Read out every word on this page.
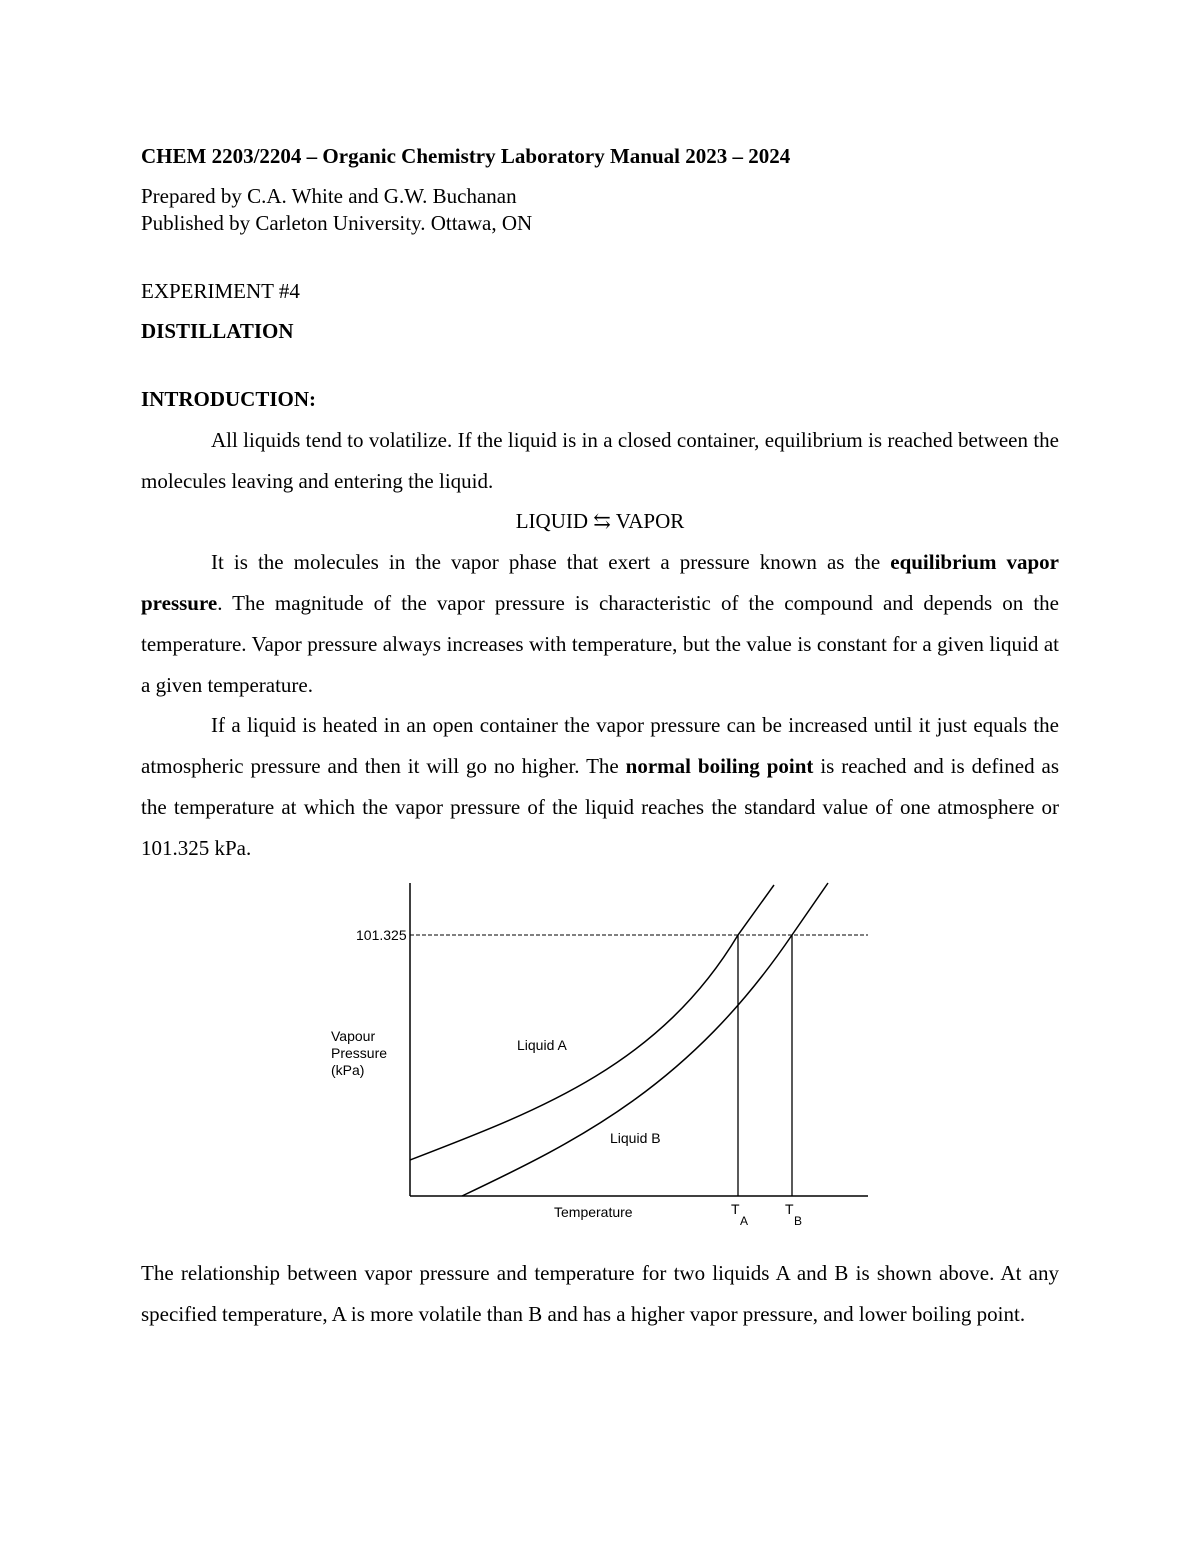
CHEM 2203/2204 – Organic Chemistry Laboratory Manual 2023 – 2024
Prepared by C.A. White and G.W. Buchanan
Published by Carleton University. Ottawa, ON
EXPERIMENT #4
DISTILLATION
INTRODUCTION:

All liquids tend to volatilize. If the liquid is in a closed container, equilibrium is reached between the molecules leaving and entering the liquid.

LIQUID ⇆ VAPOR

It is the molecules in the vapor phase that exert a pressure known as the equilibrium vapor pressure. The magnitude of the vapor pressure is characteristic of the compound and depends on the temperature. Vapor pressure always increases with temperature, but the value is constant for a given liquid at a given temperature.

If a liquid is heated in an open container the vapor pressure can be increased until it just equals the atmospheric pressure and then it will go no higher. The normal boiling point is reached and is defined as the temperature at which the vapor pressure of the liquid reaches the standard value of one atmosphere or 101.325 kPa.

101.325
Vapour
Pressure
(kPa)
Liquid A
Liquid B
Temperature	T
A
T
B

The relationship between vapor pressure and temperature for two liquids A and B is shown above. At any specified temperature, A is more volatile than B and has a higher vapor pressure, and lower boiling point.
